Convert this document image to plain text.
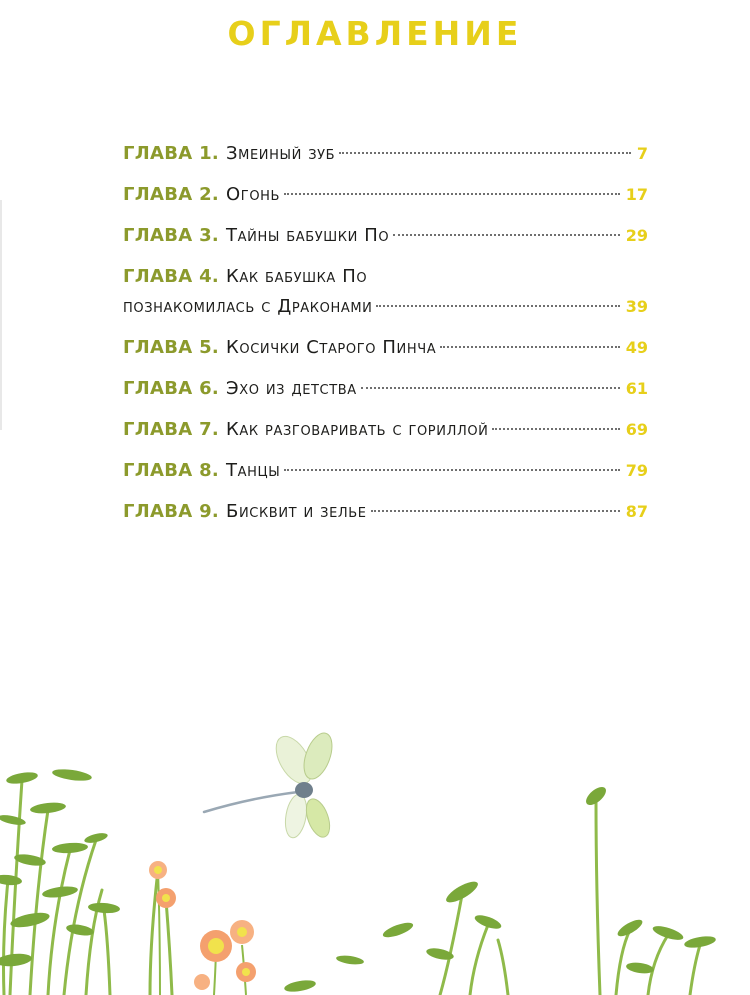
ОГЛАВЛЕНИЕ
ГЛАВА 1. Змеиный зуб	7
ГЛАВА 2. Огонь	17
ГЛАВА 3. Тайны бабушки По	29
ГЛАВА 4. Как бабушка По
познакомилась с Драконами	39
ГЛАВА 5. Косички Старого Пинча	49
ГЛАВА 6. Эхо из детства	61
ГЛАВА 7. Как разговаривать с гориллой	69
ГЛАВА 8. Танцы	79
ГЛАВА 9. Бисквит и зелье	87
